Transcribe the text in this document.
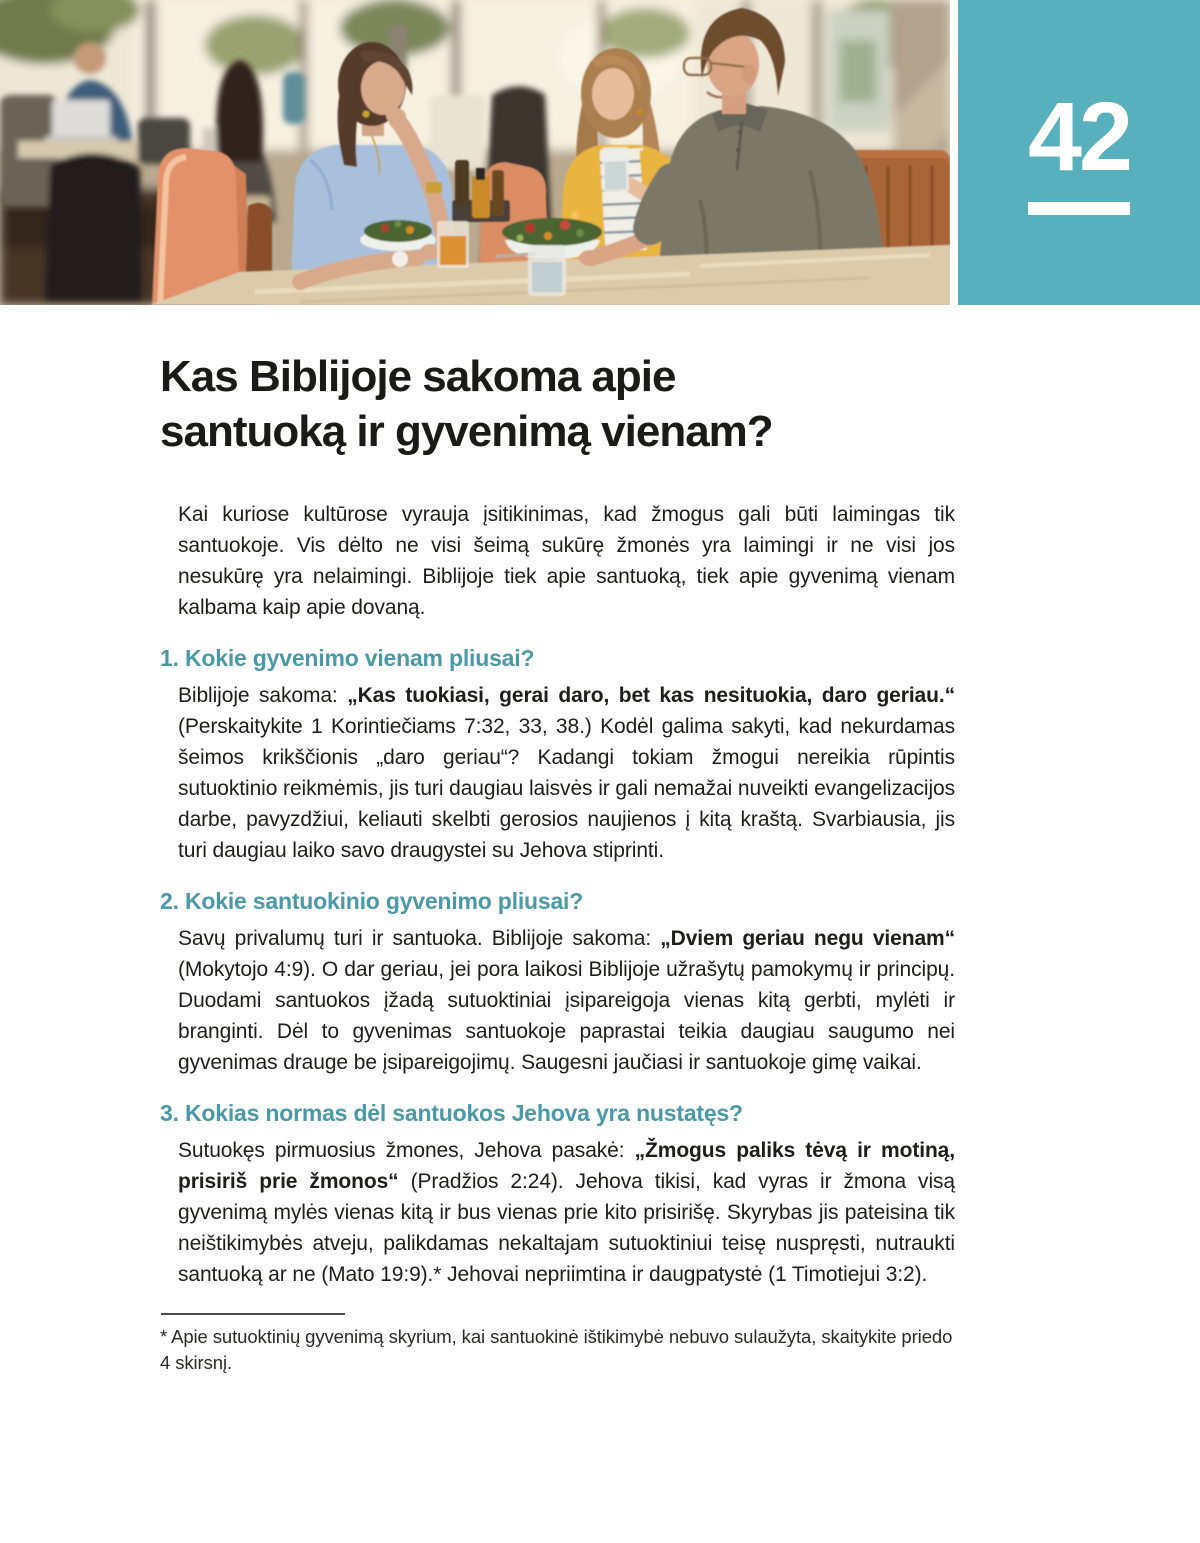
42
Kas Biblijoje sakoma apie
santuoką ir gyvenimą vienam?

Kai kuriose kultūrose vyrauja įsitikinimas, kad žmogus gali būti laimingas tik santuokoje. Vis dėlto ne visi šeimą sukūrę žmonės yra laimingi ir ne visi jos nesukūrę yra nelaimingi. Biblijoje tiek apie santuoką, tiek apie gyvenimą vienam kalbama kaip apie dovaną.

1. Kokie gyvenimo vienam pliusai?

Biblijoje sakoma: „Kas tuokiasi, gerai daro, bet kas nesituokia, daro geriau.“ (Perskaitykite 1 Korintiečiams 7:32, 33, 38.) Kodėl galima sakyti, kad nekurdamas šeimos krikščionis „daro geriau“? Kadangi tokiam žmogui nereikia rūpintis sutuoktinio reikmėmis, jis turi daugiau laisvės ir gali nemažai nuveikti evangelizacijos darbe, pavyzdžiui, keliauti skelbti gerosios naujienos į kitą kraštą. Svarbiausia, jis turi daugiau laiko savo draugystei su Jehova stiprinti.

2. Kokie santuokinio gyvenimo pliusai?

Savų privalumų turi ir santuoka. Biblijoje sakoma: „Dviem geriau negu vienam“ (Mokytojo 4:9). O dar geriau, jei pora laikosi Biblijoje užrašytų pamokymų ir principų. Duodami santuokos įžadą sutuoktiniai įsipareigoja vienas kitą gerbti, mylėti ir branginti. Dėl to gyvenimas santuokoje paprastai teikia daugiau saugumo nei gyvenimas drauge be įsipareigojimų. Saugesni jaučiasi ir santuokoje gimę vaikai.

3. Kokias normas dėl santuokos Jehova yra nustatęs?

Sutuokęs pirmuosius žmones, Jehova pasakė: „Žmogus paliks tėvą ir motiną, prisiriš prie žmonos“ (Pradžios 2:24). Jehova tikisi, kad vyras ir žmona visą gyvenimą mylės vienas kitą ir bus vienas prie kito prisirišę. Skyrybas jis pateisina tik neištikimybės atveju, palikdamas nekaltajam sutuoktiniui teisę nuspręsti, nutraukti santuoką ar ne (Mato 19:9).* Jehovai nepriimtina ir daugpatystė (1 Timotiejui 3:2).

* Apie sutuoktinių gyvenimą skyrium, kai santuokinė ištikimybė nebuvo sulaužyta, skaitykite priedo 4 skirsnį.
